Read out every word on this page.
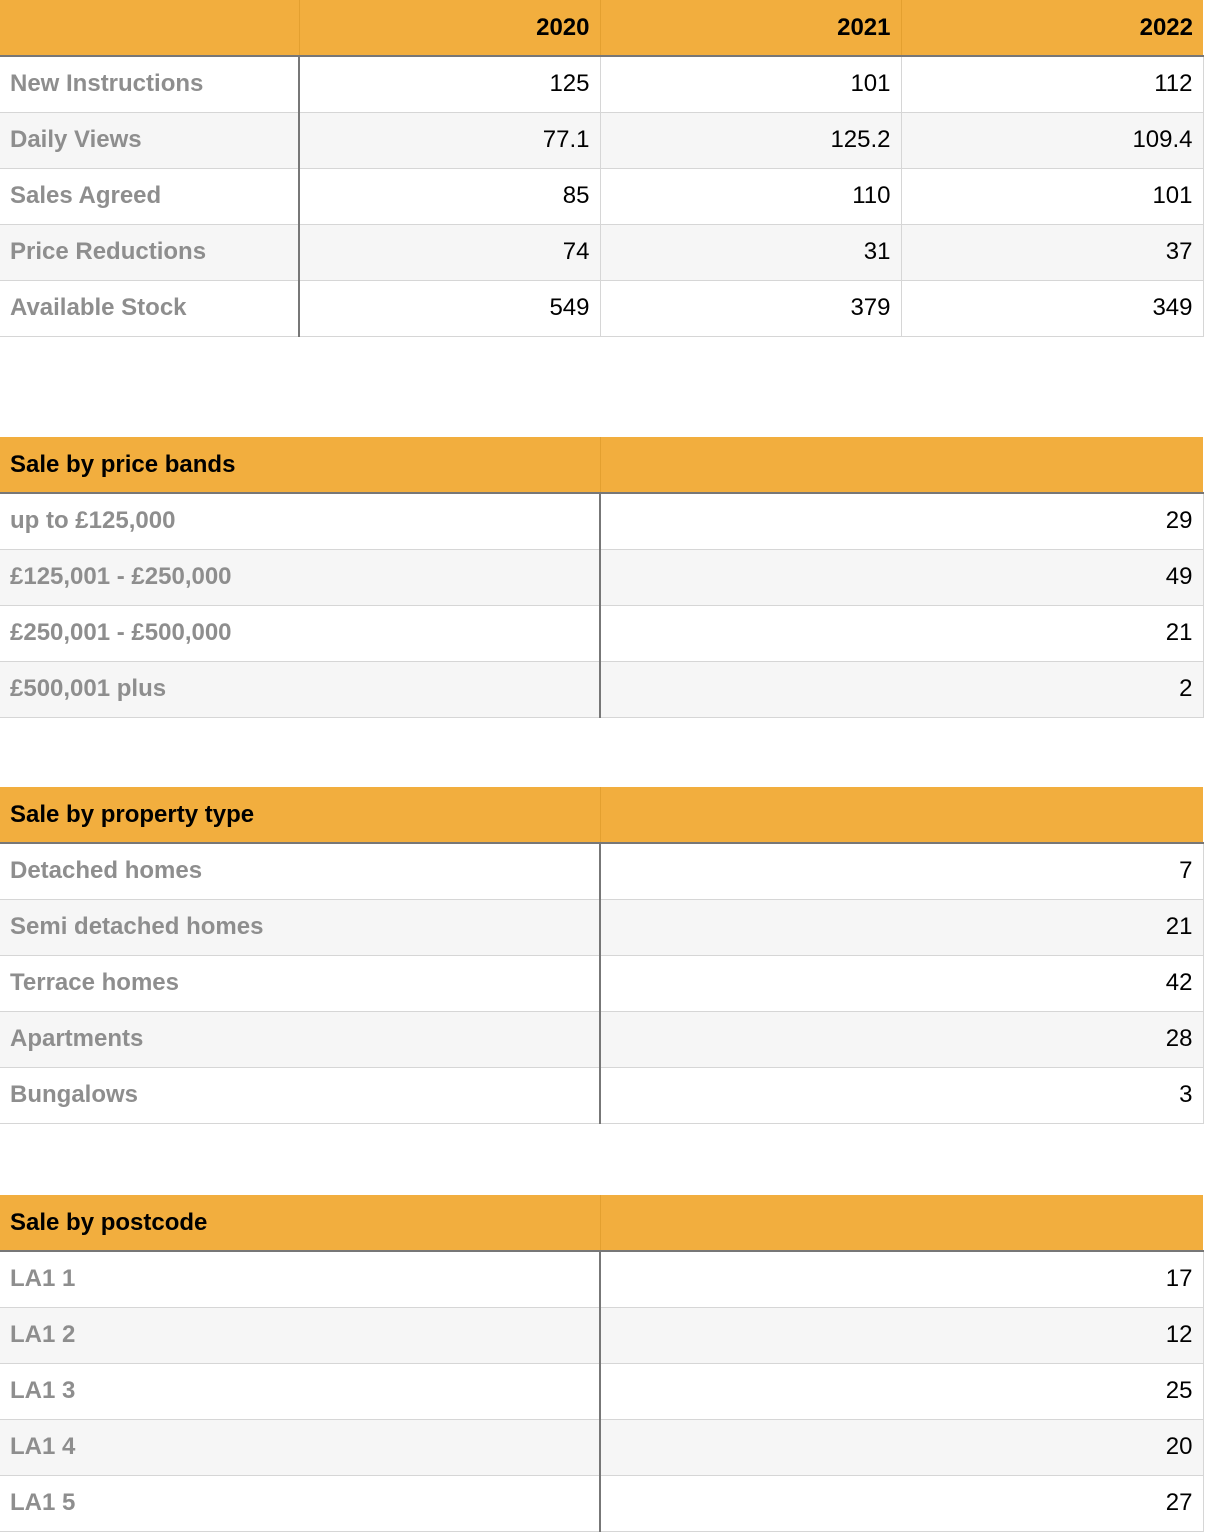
	2020	2021	2022
New Instructions	125	101	112
Daily Views	77.1	125.2	109.4
Sales Agreed	85	110	101
Price Reductions	74	31	37
Available Stock	549	379	349
Sale by price bands	
up to £125,000	29
£125,001 - £250,000	49
£250,001 - £500,000	21
£500,001 plus	2
Sale by property type	
Detached homes	7
Semi detached homes	21
Terrace homes	42
Apartments	28
Bungalows	3
Sale by postcode	
LA1 1	17
LA1 2	12
LA1 3	25
LA1 4	20
LA1 5	27
